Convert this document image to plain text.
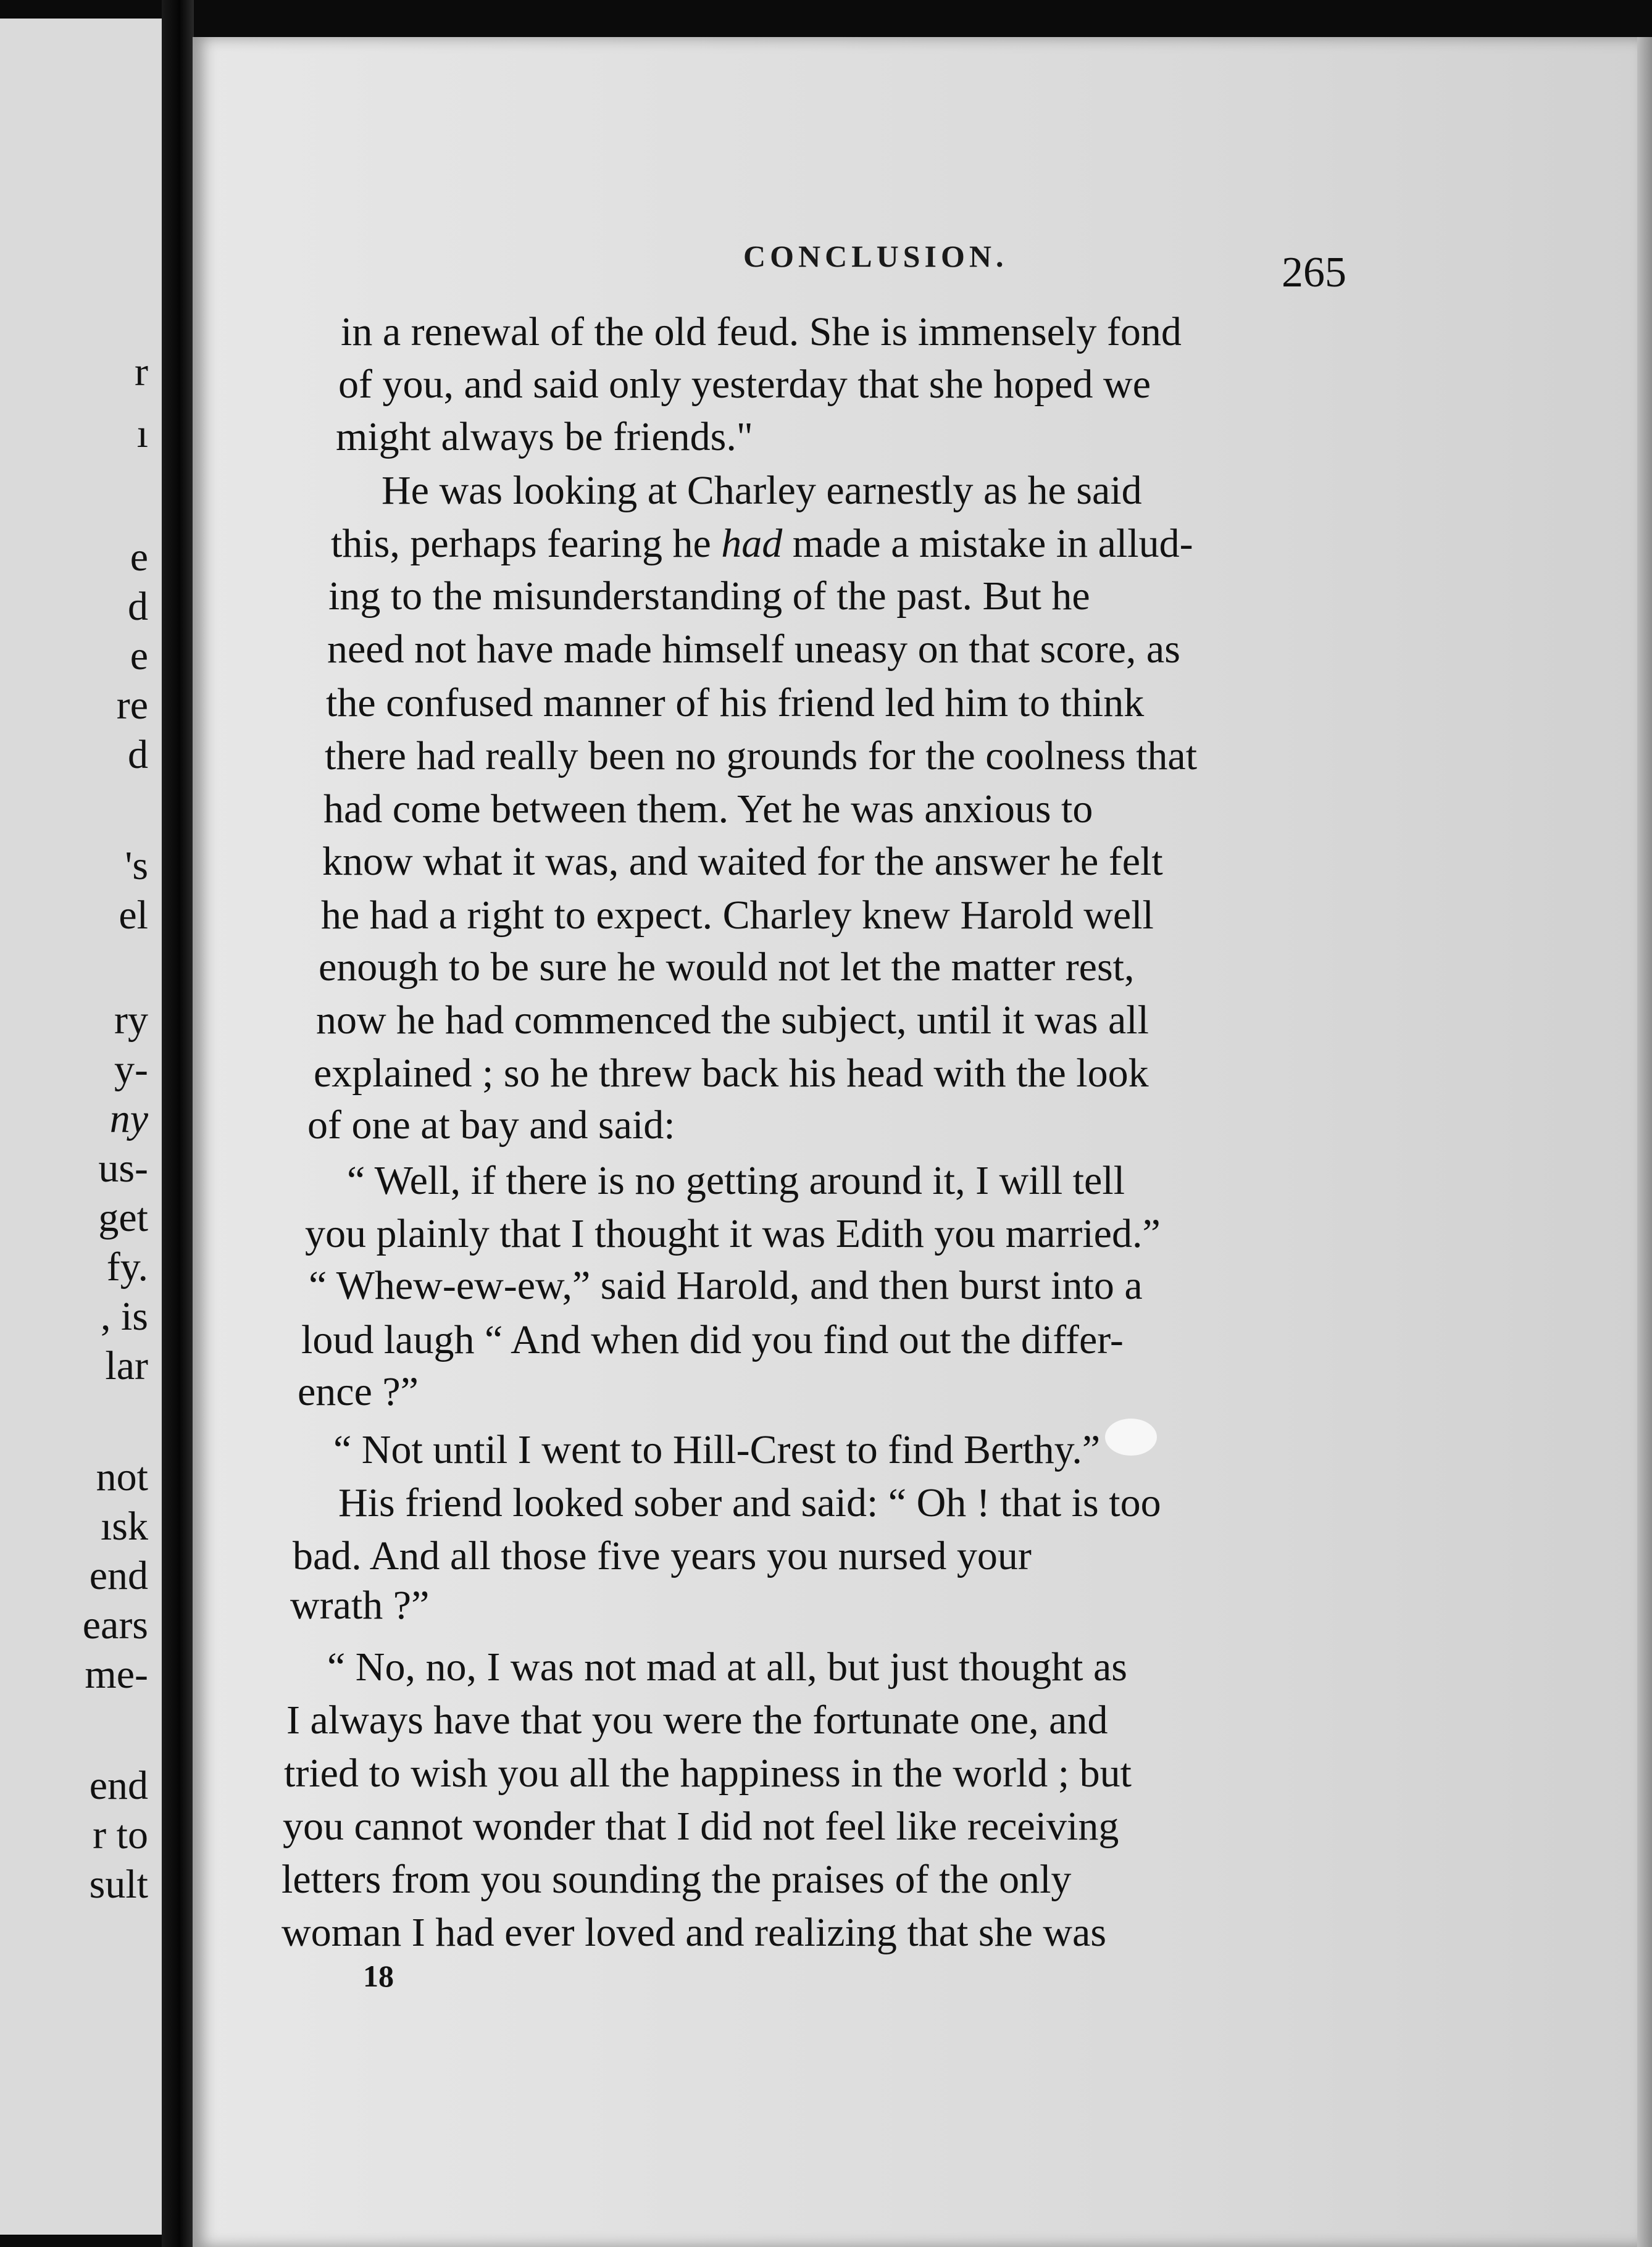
r
ı
e
d
e
re
d
's
el
ry
y-
ny
us-
get
fy.
, is
lar
not
ısk
end
ears
me-
end
r to
sult
CONCLUSION.	265
in a renewal of the old feud. She is immensely fond
of you, and said only yesterday that she hoped we
might always be friends."
He was looking at Charley earnestly as he said
this, perhaps fearing he had made a mistake in allud-
ing to the misunderstanding of the past. But he
need not have made himself uneasy on that score, as
the confused manner of his friend led him to think
there had really been no grounds for the coolness that
had come between them. Yet he was anxious to
know what it was, and waited for the answer he felt
he had a right to expect. Charley knew Harold well
enough to be sure he would not let the matter rest,
now he had commenced the subject, until it was all
explained ; so he threw back his head with the look
of one at bay and said:
“ Well, if there is no getting around it, I will tell
you plainly that I thought it was Edith you married.”
“ Whew-ew-ew,” said Harold, and then burst into a
loud laugh “ And when did you find out the differ-
ence ?”
“ Not until I went to Hill-Crest to find Berthy.”
His friend looked sober and said: “ Oh ! that is too
bad. And all those five years you nursed your
wrath ?”
“ No, no, I was not mad at all, but just thought as
I always have that you were the fortunate one, and
tried to wish you all the happiness in the world ; but
you cannot wonder that I did not feel like receiving
letters from you sounding the praises of the only
woman I had ever loved and realizing that she was
18
